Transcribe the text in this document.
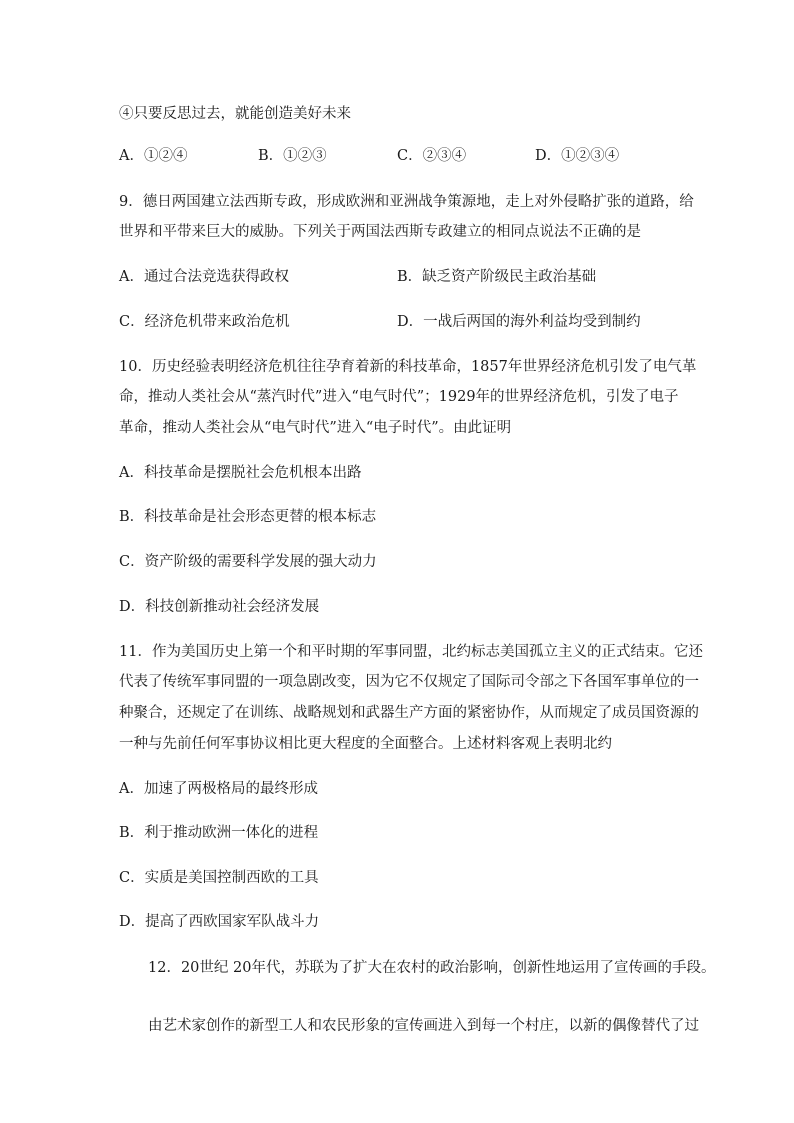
④只要反思过去，就能创造美好未来
A．①②④	B．①②③	C．②③④	D．①②③④
9．德日两国建立法西斯专政，形成欧洲和亚洲战争策源地，走上对外侵略扩张的道路，给
世界和平带来巨大的威胁。下列关于两国法西斯专政建立的相同点说法不正确的是
A．通过合法竞选获得政权	B．缺乏资产阶级民主政治基础
C．经济危机带来政治危机	D．一战后两国的海外利益均受到制约
10．历史经验表明经济危机往往孕育着新的科技革命，1857年世界经济危机引发了电气革
命，推动人类社会从“蒸汽时代”进入“电气时代”；1929年的世界经济危机，引发了电子
革命，推动人类社会从“电气时代”进入“电子时代”。由此证明
A．科技革命是摆脱社会危机根本出路
B．科技革命是社会形态更替的根本标志
C．资产阶级的需要科学发展的强大动力
D．科技创新推动社会经济发展
11．作为美国历史上第一个和平时期的军事同盟，北约标志美国孤立主义的正式结束。它还
代表了传统军事同盟的一项急剧改变，因为它不仅规定了国际司令部之下各国军事单位的一
种聚合，还规定了在训练、战略规划和武器生产方面的紧密协作，从而规定了成员国资源的
一种与先前任何军事协议相比更大程度的全面整合。上述材料客观上表明北约
A．加速了两极格局的最终形成
B．利于推动欧洲一体化的进程
C．实质是美国控制西欧的工具
D．提高了西欧国家军队战斗力
12．20世纪 20年代，苏联为了扩大在农村的政治影响，创新性地运用了宣传画的手段。
由艺术家创作的新型工人和农民形象的宣传画进入到每一个村庄，以新的偶像替代了过
